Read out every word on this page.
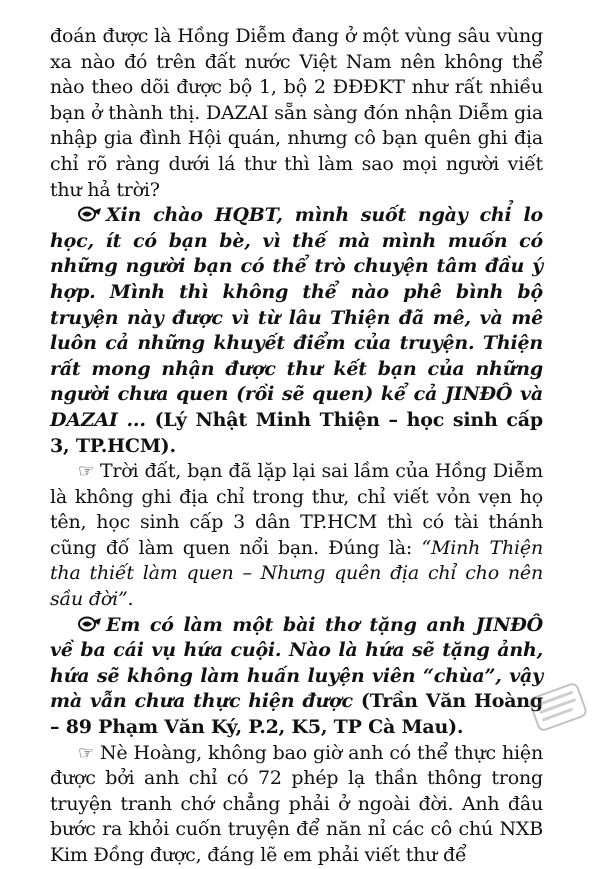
đoán được là Hồng Diễm đang ở một vùng sâu vùng xa nào đó trên đất nước Việt Nam nên không thể nào theo dõi được bộ 1, bộ 2 ĐĐĐKT như rất nhiều bạn ở thành thị. DAZAI sẵn sàng đón nhận Diễm gia nhập gia đình Hội quán, nhưng cô bạn quên ghi địa chỉ rõ ràng dưới lá thư thì làm sao mọi người viết thư hả trời?

Xin chào HQBT, mình suốt ngày chỉ lo học, ít có bạn bè, vì thế mà mình muốn có những người bạn có thể trò chuyện tâm đầu ý hợp. Mình thì không thể nào phê bình bộ truyện này được vì từ lâu Thiện đã mê, và mê luôn cả những khuyết điểm của truyện. Thiện rất mong nhận được thư kết bạn của những người chưa quen (rồi sẽ quen) kể cả JINĐÔ và DAZAI ... (Lý Nhật Minh Thiện – học sinh cấp 3, TP.HCM).

☞ Trời đất, bạn đã lặp lại sai lầm của Hồng Diễm là không ghi địa chỉ trong thư, chỉ viết vỏn vẹn họ tên, học sinh cấp 3 dân TP.HCM thì có tài thánh cũng đố làm quen nổi bạn. Đúng là: “Minh Thiện tha thiết làm quen – Nhưng quên địa chỉ cho nên sầu đời”.

Em có làm một bài thơ tặng anh JINĐÔ về ba cái vụ hứa cuội. Nào là hứa sẽ tặng ảnh, hứa sẽ không làm huấn luyện viên “chùa”, vậy mà vẫn chưa thực hiện được (Trần Văn Hoàng – 89 Phạm Văn Ký, P.2, K5, TP Cà Mau).

☞ Nè Hoàng, không bao giờ anh có thể thực hiện được bởi anh chỉ có 72 phép lạ thần thông trong truyện tranh chớ chẳng phải ở ngoài đời. Anh đâu bước ra khỏi cuốn truyện để năn nỉ các cô chú NXB Kim Đồng được, đáng lẽ em phải viết thư để
